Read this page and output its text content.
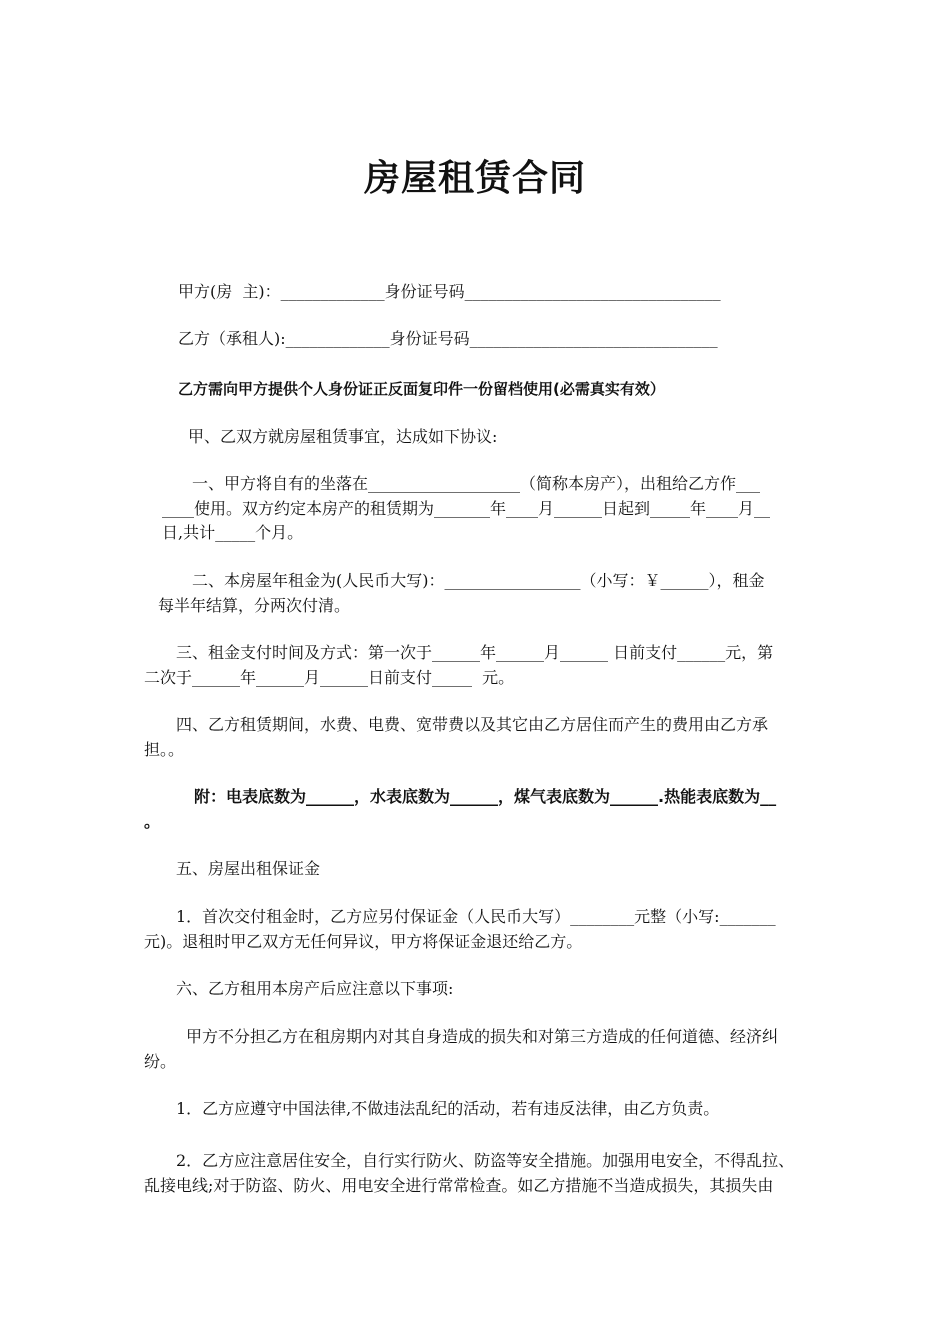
房屋租赁合同
甲方(房  主)：_____________身份证号码________________________________
乙方（承租人):_____________身份证号码_______________________________
乙方需向甲方提供个人身份证正反面复印件一份留档使用(必需真实有效）
甲、乙双方就房屋租赁事宜，达成如下协议:
一、甲方将自有的坐落在___________________（简称本房产），出租给乙方作___
____使用。双方约定本房产的租赁期为_______年____月______日起到_____年____月__
日,共计_____个月。
二、本房屋年租金为(人民币大写)：_________________（小写：￥______），租金
每半年结算，分两次付清。
三、租金支付时间及方式：第一次于______年______月______ 日前支付______元，第
二次于______年______月______日前支付_____  元。
四、乙方租赁期间，水费、电费、宽带费以及其它由乙方居住而产生的费用由乙方承
担。。
附：电表底数为______，水表底数为______，煤气表底数为______.热能表底数为__
。
五、房屋出租保证金
1．首次交付租金时，乙方应另付保证金（人民币大写）________元整（小写:_______
元)。退租时甲乙双方无任何异议，甲方将保证金退还给乙方。
六、乙方租用本房产后应注意以下事项:
甲方不分担乙方在租房期内对其自身造成的损失和对第三方造成的任何道德、经济纠
纷。
1．乙方应遵守中国法律,不做违法乱纪的活动，若有违反法律，由乙方负责。
2．乙方应注意居住安全，自行实行防火、防盗等安全措施。加强用电安全，不得乱拉、
乱接电线;对于防盗、防火、用电安全进行常常检查。如乙方措施不当造成损失，其损失由
